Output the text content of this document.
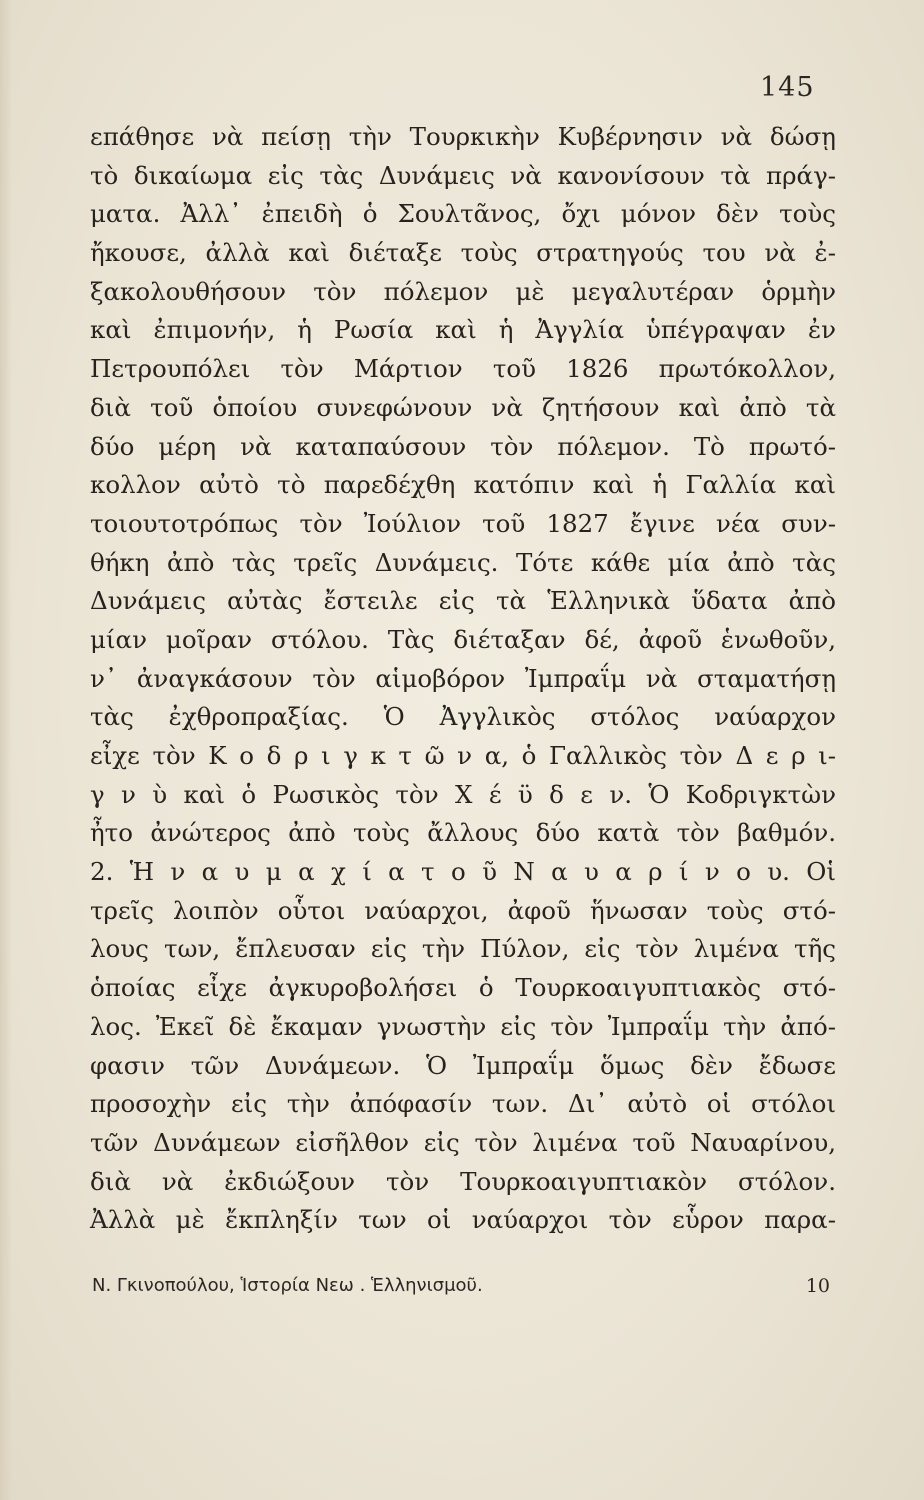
145
επάθησε νὰ πείσῃ τὴν Τουρκικὴν Κυβέρνησιν νὰ δώσῃ
τὸ δικαίωμα εἰς τὰς Δυνάμεις νὰ κανονίσουν τὰ πράγ-
ματα. Ἀλλ᾽ ἐπειδὴ ὁ Σουλτᾶνος, ὄχι μόνον δὲν τοὺς
ἤκουσε, ἀλλὰ καὶ διέταξε τοὺς στρατηγούς του νὰ ἐ-
ξακολουθήσουν τὸν πόλεμον μὲ μεγαλυτέραν ὁρμὴν
καὶ ἐπιμονήν, ἡ Ρωσία καὶ ἡ Ἀγγλία ὑπέγραψαν ἐν
Πετρουπόλει τὸν Μάρτιον τοῦ 1826 πρωτόκολλον,
διὰ τοῦ ὁποίου συνεφώνουν νὰ ζητήσουν καὶ ἀπὸ τὰ
δύο μέρη νὰ καταπαύσουν τὸν πόλεμον. Τὸ πρωτό-
κολλον αὐτὸ τὸ παρεδέχθη κατόπιν καὶ ἡ Γαλλία καὶ
τοιουτοτρόπως τὸν Ἰούλιον τοῦ 1827 ἔγινε νέα συν-
θήκη ἀπὸ τὰς τρεῖς Δυνάμεις. Τότε κάθε μία ἀπὸ τὰς
Δυνάμεις αὐτὰς ἔστειλε εἰς τὰ Ἑλληνικὰ ὕδατα ἀπὸ
μίαν μοῖραν στόλου. Τὰς διέταξαν δέ, ἀφοῦ ἑνωθοῦν,
ν᾽ ἀναγκάσουν τὸν αἱμοβόρον Ἰμπραΐμ νὰ σταματήσῃ
τὰς ἐχθροπραξίας. Ὁ Ἀγγλικὸς στόλος ναύαρχον
εἶχε τὸν Κ ο δ ρ ι γ κ τ ῶ ν α, ὁ Γαλλικὸς τὸν Δ ε ρ ι-
γ ν ὺ καὶ ὁ Ρωσικὸς τὸν Χ έ ϋ δ ε ν. Ὁ Κοδριγκτὼν
ἦτο ἀνώτερος ἀπὸ τοὺς ἄλλους δύο κατὰ τὸν βαθμόν.
2. Ἡ ν α υ μ α χ ί α τ ο ῦ Ν α υ α ρ ί ν ο υ. Οἱ
τρεῖς λοιπὸν οὗτοι ναύαρχοι, ἀφοῦ ἥνωσαν τοὺς στό-
λους των, ἔπλευσαν εἰς τὴν Πύλον, εἰς τὸν λιμένα τῆς
ὁποίας εἶχε ἀγκυροβολήσει ὁ Τουρκοαιγυπτιακὸς στό-
λος. Ἐκεῖ δὲ ἔκαμαν γνωστὴν εἰς τὸν Ἰμπραΐμ τὴν ἀπό-
φασιν τῶν Δυνάμεων. Ὁ Ἰμπραΐμ ὅμως δὲν ἔδωσε
προσοχὴν εἰς τὴν ἀπόφασίν των. Δι᾽ αὐτὸ οἱ στόλοι
τῶν Δυνάμεων εἰσῆλθον εἰς τὸν λιμένα τοῦ Ναυαρίνου,
διὰ νὰ ἐκδιώξουν τὸν Τουρκοαιγυπτιακὸν στόλον.
Ἀλλὰ μὲ ἔκπληξίν των οἱ ναύαρχοι τὸν εὗρον παρα-
Ν. Γκινοπούλου, Ἱστορία Νεω . Ἑλληνισμοῦ.	10
